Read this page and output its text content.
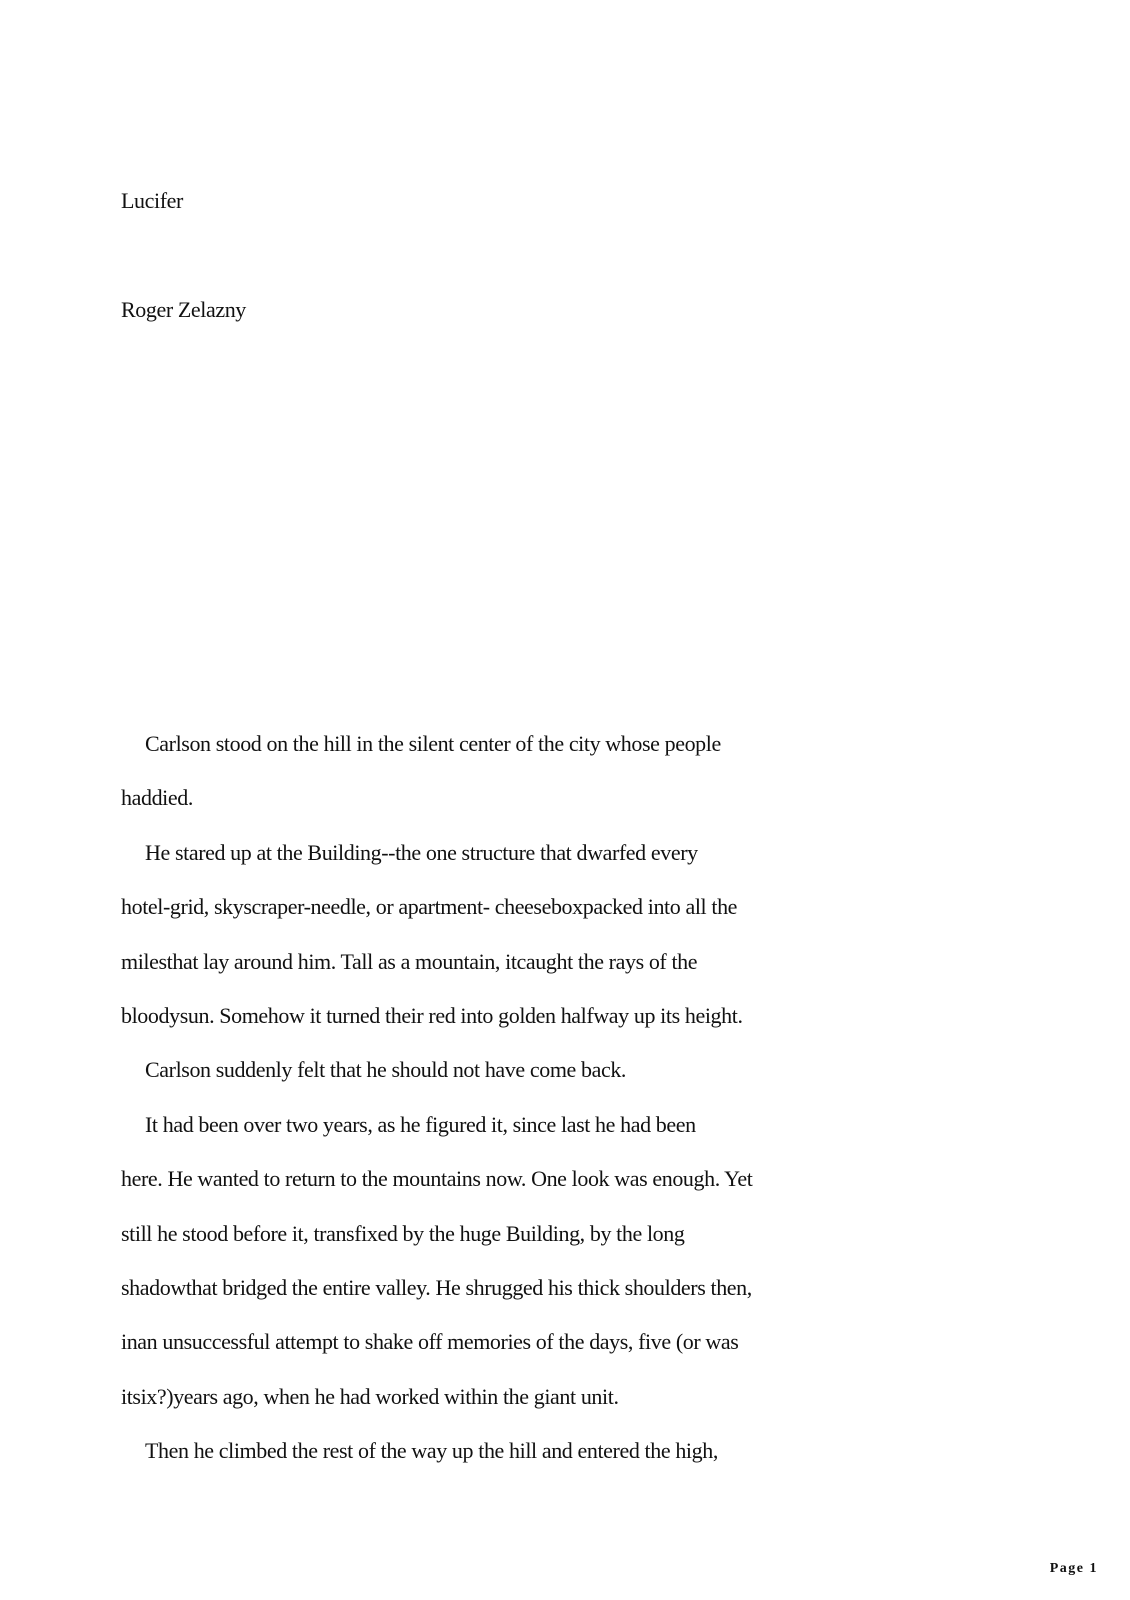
Lucifer
Roger Zelazny
Carlson stood on the hill in the silent center of the city whose people
haddied.
He stared up at the Building--the one structure that dwarfed every
hotel-grid, skyscraper-needle, or apartment- cheeseboxpacked into all the
milesthat lay around him. Tall as a mountain, itcaught the rays of the
bloodysun. Somehow it turned their red into golden halfway up its height.
Carlson suddenly felt that he should not have come back.
It had been over two years, as he figured it, since last he had been
here. He wanted to return to the mountains now. One look was enough. Yet
still he stood before it, transfixed by the huge Building, by the long
shadowthat bridged the entire valley. He shrugged his thick shoulders then,
inan unsuccessful attempt to shake off memories of the days, five (or was
itsix?)years ago, when he had worked within the giant unit.
Then he climbed the rest of the way up the hill and entered the high,
Page 1
